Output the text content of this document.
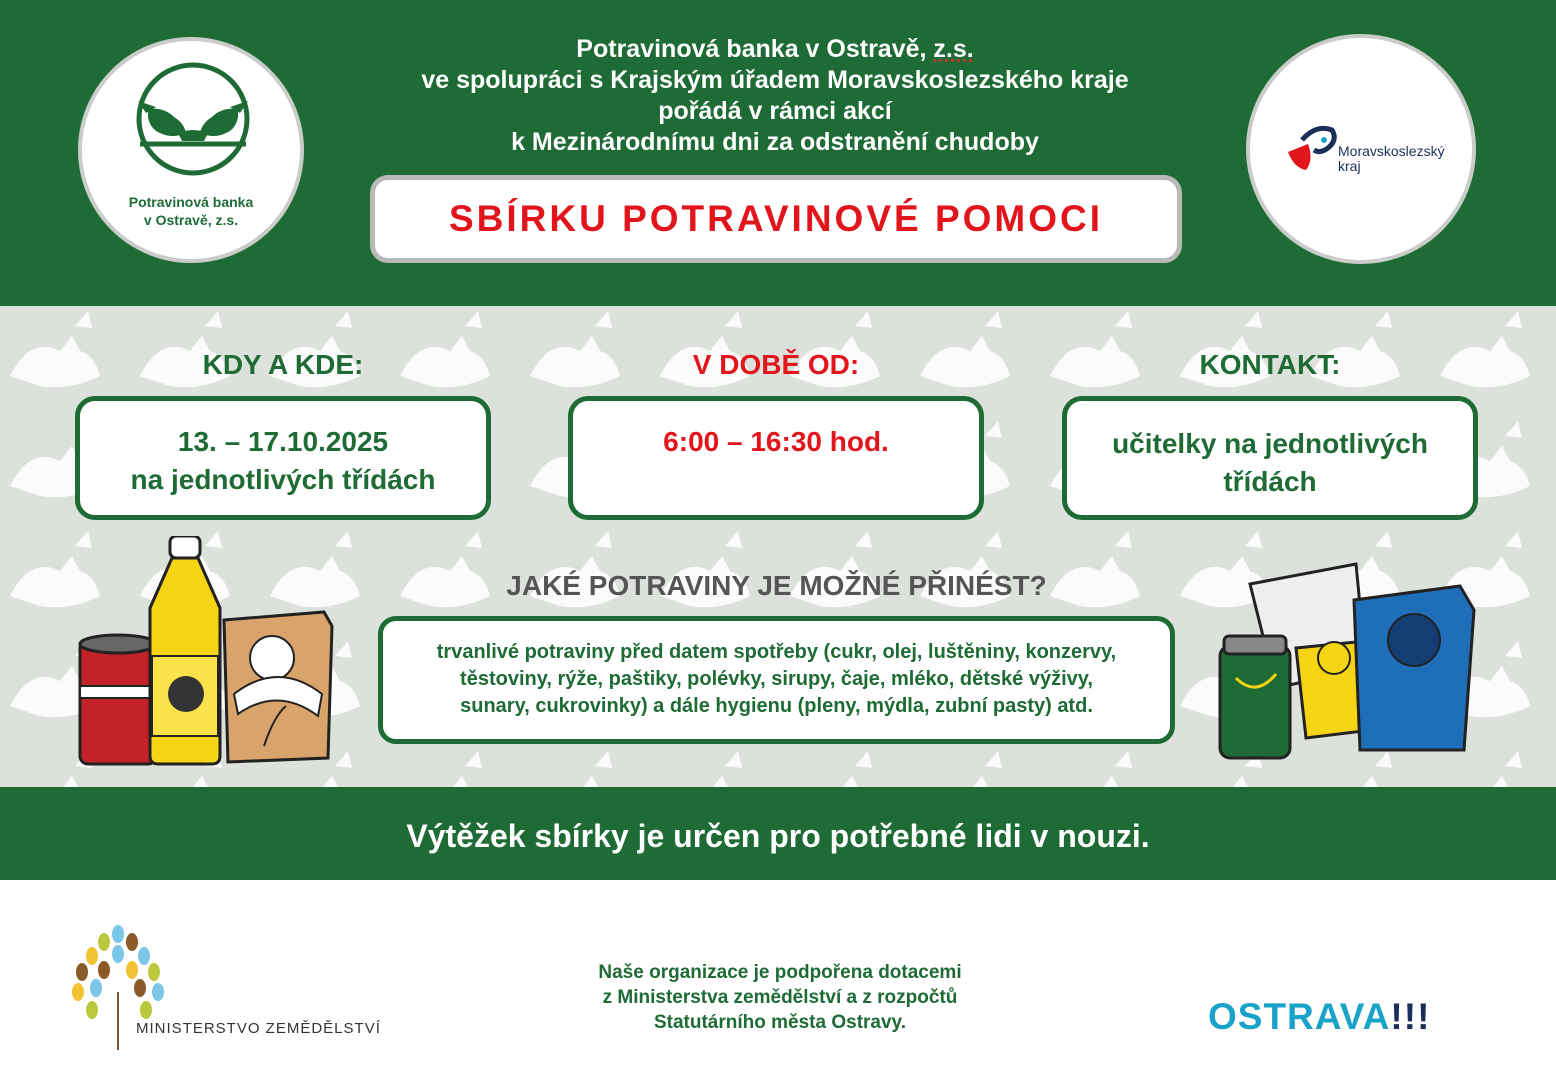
Potravinová banka
v Ostravě, z.s.
Moravskoslezský
kraj
Potravinová banka v Ostravě, z.s.
ve spolupráci s Krajským úřadem Moravskoslezského kraje
pořádá v rámci akcí
k Mezinárodnímu dni za odstranění chudoby
SBÍRKU POTRAVINOVÉ POMOCI
KDY A KDE:	V DOBĚ OD:	KONTAKT:
13. – 17.10.2025
na jednotlivých třídách
6:00 – 16:30 hod.	učitelky na jednotlivých
třídách
JAKÉ POTRAVINY JE MOŽNÉ PŘINÉST?
trvanlivé potraviny před datem spotřeby (cukr, olej, luštěniny, konzervy,
těstoviny, rýže, paštiky, polévky, sirupy, čaje, mléko, dětské výživy,
sunary, cukrovinky) a dále hygienu (pleny, mýdla, zubní pasty) atd.
Výtěžek sbírky je určen pro potřebné lidi v nouzi.
MINISTERSTVO ZEMĚDĚLSTVÍ
Naše organizace je podpořena dotacemi
z Ministerstva zemědělství a z rozpočtů
Statutárního města Ostravy.	OSTRAVA!!!
